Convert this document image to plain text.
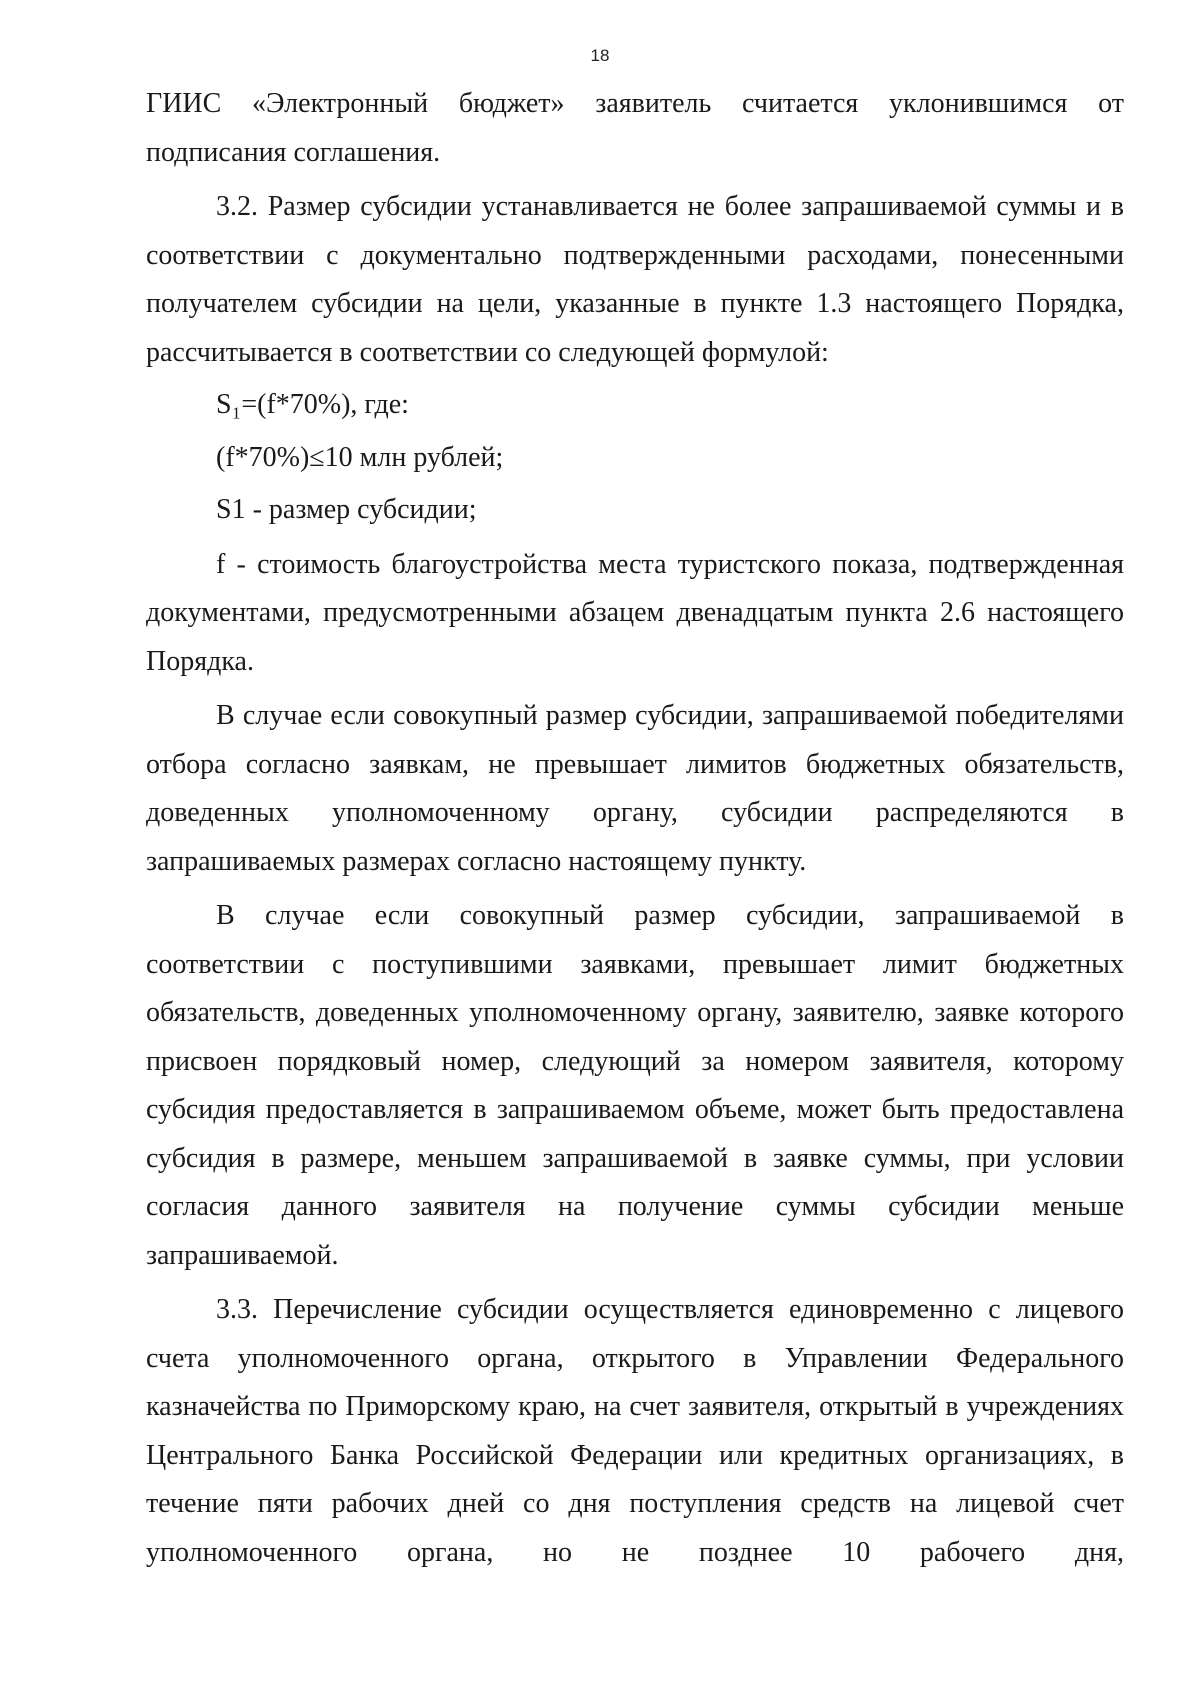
18

ГИИС «Электронный бюджет» заявитель считается уклонившимся от подписания соглашения.

3.2. Размер субсидии устанавливается не более запрашиваемой суммы и в соответствии с документально подтвержденными расходами, понесенными получателем субсидии на цели, указанные в пункте 1.3 настоящего Порядка, рассчитывается в соответствии со следующей формулой:

S₁=(f*70%), где:

(f*70%)≤10 млн рублей;

S1 - размер субсидии;

f - стоимость благоустройства места туристского показа, подтвержденная документами, предусмотренными абзацем двенадцатым пункта 2.6 настоящего Порядка.

В случае если совокупный размер субсидии, запрашиваемой победителями отбора согласно заявкам, не превышает лимитов бюджетных обязательств, доведенных уполномоченному органу, субсидии распределяются в запрашиваемых размерах согласно настоящему пункту.

В случае если совокупный размер субсидии, запрашиваемой в соответствии с поступившими заявками, превышает лимит бюджетных обязательств, доведенных уполномоченному органу, заявителю, заявке которого присвоен порядковый номер, следующий за номером заявителя, которому субсидия предоставляется в запрашиваемом объеме, может быть предоставлена субсидия в размере, меньшем запрашиваемой в заявке суммы, при условии согласия данного заявителя на получение суммы субсидии меньше запрашиваемой.

3.3. Перечисление субсидии осуществляется единовременно с лицевого счета уполномоченного органа, открытого в Управлении Федерального казначейства по Приморскому краю, на счет заявителя, открытый в учреждениях Центрального Банка Российской Федерации или кредитных организациях, в течение пяти рабочих дней со дня поступления средств на лицевой счет уполномоченного органа, но не позднее 10 рабочего дня,
